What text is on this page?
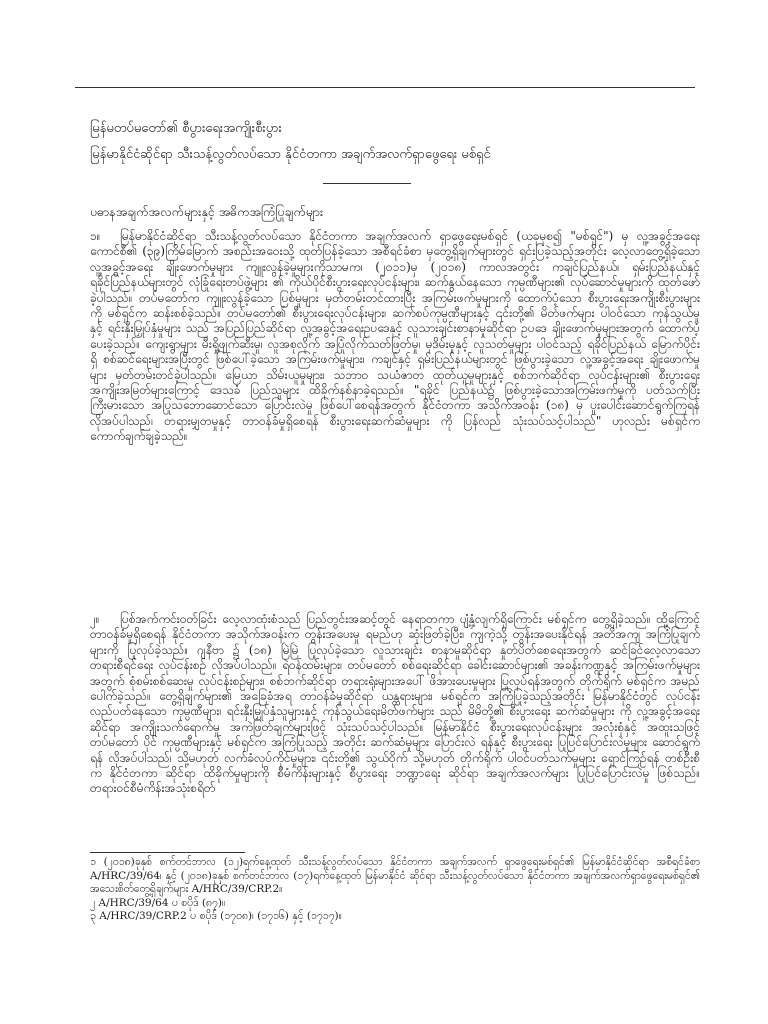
မြန်မတပ်မတော်၏ စီပွားရေးအကျိုးစီးပွား
မြန်မာနိုင်ငံဆိုင်ရာ သီးသန့်လွတ်လပ်သော နိုင်ငံတကာ အချက်အလက်ရှာဖွေရေး မစ်ရှင်
ပဓာနအချက်အလက်များနှင့် အဓိကအကြံပြုချက်များ
၁။ မြန်မာနိုင်ငံဆိုင်ရာ သီးသန့်လွတ်လပ်သော နိုင်ငံတကာ အချက်အလက် ရှာဖွေရေးမစ်ရှင် (ယခုမှစ၍ "မစ်ရှင်") မှ လူ့အခွင့်အရေးကောင်စီ၏ (၃၉)ကြိမ်မြောက် အစည်းအဝေးသို့ ထုတ်ပြန်ခဲ့သော အစီရင်ခံစာ မှတွေ့ရှိချက်များတွင် ရှင်းပြခဲ့သည့်အတိုင်း လေ့လာတွေ့ရှိခဲ့သော လူ့အခွင့်အရေး ချိုးဖောက်မှုများ ကျူးလွန်ခဲ့မှုများကိုသာမက၊ (၂၀၁၁)မှ (၂၀၁၈) ကာလအတွင်း ကချင်ပြည်နယ်၊ ရှမ်းပြည်နယ်နှင့် ရခိုင်ပြည်နယ်များတွင် လုံခြုံရေးတပ်ဖွဲ့များ ၏ ကိုယ်ပိုင်စီးပွားရေးလုပ်ငန်းများ၊ ဆက်နွယ်နေသော ကုမ္ပဏီများ၏ လုပ်ဆောင်မှုများကို ထုတ်ဖော်ခဲ့ပါသည်။ တပ်မတော်က ကျူးလွန်ခဲ့သော ပြစ်မှုများ မှတ်တမ်းတင်ထားပြီး အကြမ်းဖက်မှုများကို ထောက်ပံ့သော စီးပွားရေးအကျိုးစီးပွားများ ကို မစ်ရှင်က ဆန်းစစ်ခဲ့သည်။ တပ်မတော်၏ စီးပွားရေးလုပ်ငန်းများ၊ ဆက်စပ်ကုမ္ပဏီများနှင့် ၎င်းတို့၏ မိတ်ဖက်များ ပါဝင်သော ကုန်သွယ်မှုနှင့် ရင်းနှီးမြှုပ်နှံမှုများ သည် အပြည်ပြည်ဆိုင်ရာ လူ့အခွင့်အရေးဥပဒေနှင့် လူသားချင်းစာနာမှုဆိုင်ရာ ဥပဒေ ချိုးဖောက်မှုများအတွက် ထောက်ပံ့ပေးခဲ့သည်။ ကျေးရွာများ မီးရှို့ဖျက်ဆီးမှု၊ လူအစုလိုက် အပြုံလိုက်သတ်ဖြတ်မှု၊ မုဒိမ်းမှုနှင့် လူသတ်မှုများ ပါဝင်သည့် ရခိုင်ပြည်နယ် မြောက်ပိုင်းရှိ စစ်ဆင်ရေးများအပြီးတွင် ဖြစ်ပေါ်ခဲ့သော အကြမ်းဖက်မှုများ၊ ကချင်နှင့် ရှမ်းပြည်နယ်များတွင် ဖြစ်ပွားခဲ့သော လူ့အခွင့်အရေး ချိုးဖောက်မှုများ မှတ်တမ်းတင်ခဲ့ပါသည်။ မြေယာ သိမ်းယူမှုများ၊ သဘာဝ သယံဇာတ ထုတ်ယူမှုများနှင့် စစ်ဘက်ဆိုင်ရာ လုပ်ငန်းများ၏ စီးပွားရေး အကျိုးအမြတ်များကြောင့် ဒေသခံ ပြည်သူများ ထိခိုက်နစ်နာခဲ့ရသည်။ "ရခိုင် ပြည်နယ်၌ ဖြစ်ပွားခဲ့သောအကြမ်းဖက်မှုကို ပတ်သက်ပြီး ကြီးမားသော အပြုသဘောဆောင်သော ပြောင်းလဲမှု ဖြစ်ပေါ်စေရန်အတွက် နိုင်ငံတကာ အသိုက်အဝန်း (၁၈) မှ ပူးပေါင်းဆောင်ရွက်ကြရန် လိုအပ်ပါသည်၊ တရားမျှတမှုနှင့် တာဝန်ခံမှုရှိစေရန် စီးပွားရေးဆက်ဆံမှုများ ကို ပြန်လည် သုံးသပ်သင့်ပါသည်" ဟုလည်း မစ်ရှင်က ကောက်ချက်ချခဲ့သည်။
၂။ ပြစ်အက်ကင်းဝတ်ခြင်း လေ့လာထုံးစံသည် ပြည်တွင်းအဆင့်တွင် နေရာတကာ ပျံ့နှံ့လျက်ရှိကြောင်း မစ်ရှင်က တွေ့ရှိခဲ့သည်။ ထို့ကြောင့် တာဝန်ခံမှုရှိစေရန် နိုင်ငံတကာ အသိုက်အဝန်းက တွန်းအပေးမှု ရမည်ဟု ဆုံးဖြတ်ခဲ့ပြီး၊ ကျကဲ့သို့ တွန်းအပေးနိုင်ရန် အတိအကျ အကြံပြုချက်များကို ပြုလုပ်ခဲ့သည်။ ဂျနီဗာ ၌ (၁၈) မြဲမြဲ ပြုလုပ်ခဲ့သော လူသားချင်း စာနာမှုဆိုင်ရာ နှုတ်ပိတ်စေရေးအတွက် ဆင်ခြင်လေ့လာသော တရားစီရင်ရေး လုပ်ငန်းစဉ် လိုအပ်ပါသည်။ ရဲဝန်ထမ်းများ၊ တပ်မတော် စစ်ရေးဆိုင်ရာ ခေါင်းဆောင်များ၏ အခန်းကဏ္ဍနှင့် အကြမ်းဖက်မှုများအတွက် စုံစမ်းစစ်ဆေးမှု လုပ်ငန်းစဉ်များ၊ စစ်ဘက်ဆိုင်ရာ တရားရုံးများအပေါ် ဖိအားပေးမှုများ ပြုလုပ်ရန်အတွက် တိုက်ရိုက် မစ်ရှင်က အမည်ပေါက်ခဲ့သည်။ တွေ့ရှိချက်များ၏ အခြေခံအရ တာဝန်ခံမှုဆိုင်ရာ ယန္တရားများ၊ မစ်ရှင်က အကြံပြုခဲ့သည့်အတိုင်း မြန်မာနိုင်ငံတွင် လုပ်ငန်းလည်ပတ်နေသော ကုမ္ပဏီများ၊ ရင်းနှီးမြှုပ်နှံသူများနှင့် ကုန်သွယ်ရေးမိတ်ဖက်များ သည် မိမိတို့၏ စီးပွားရေး ဆက်ဆံမှုများ ကို လူ့အခွင့်အရေးဆိုင်ရာ အကျိုးသက်ရောက်မှု အကဲဖြတ်ချက်များဖြင့် သုံးသပ်သင့်ပါသည်။ မြန်မာနိုင်ငံ စီးပွားရေးလုပ်ငန်းများ အလုံးစုံနှင့် အထူးသဖြင့် တပ်မတော် ပိုင် ကုမ္ပဏီများနှင့် မစ်ရှင်က အကြံပြုသည့် အတိုင်း ဆက်ဆံမှုများ ပြောင်းလဲ ရန်နှင့် စီးပွားရေး ပြုပြင်ပြောင်းလဲမှုများ ဆောင်ရွက်ရန် လိုအပ်ပါသည်၊ သို့မဟုတ် လက်ခံလုပ်ကိုင်မှုများ၊ ၎င်းတို့၏ သွယ်ဝိုက် သို့မဟုတ် တိုက်ရိုက် ပါဝင်ပတ်သက်မှုများ ရှောင်ကြဉ်ရန် တစ်ဦးစီက နိုင်ငံတကာ ဆိုင်ရာ ထိခိုက်မှုများကို စီမံကိန်းများနှင့် စီပွားရေး ဘဏ္ဍာရေး ဆိုင်ရာ အချက်အလက်များ ပြုပြင်ပြောင်းလဲမှု ဖြစ်သည်။ တရားဝင်စီမံကိန်းအသုံးစရိတ်

၁ (၂၀၁၈)ခုနှစ် စက်တင်ဘာလ (၁၂)ရက်နေ့ထုတ် သီးသန့်လွတ်လပ်သော နိုင်ငံတကာ အချက်အလက် ရှာဖွေရေးမစ်ရှင်၏ မြန်မာနိုင်ငံဆိုင်ရာ အစီရင်ခံစာ A/HRC/39/64၊ နှင့် (၂၀၁၈)ခုနှစ် စက်တင်ဘာလ (၁၇)ရက်နေ့ထုတ် မြန်မာနိုင်ငံ ဆိုင်ရာ သီးသန့်လွတ်လပ်သော နိုင်ငံတကာ အချက်အလက်ရှာဖွေရေးမစ်ရှင်၏ အသေးစိတ်တွေ့ရှိချက်များ A/HRC/39/CRP.2။

၂ A/HRC/39/64 ပ စပိုဒ် (၈၇)။

၃ A/HRC/39/CRP.2 ပ စပိုဒ် (၁၇၀၈)၊ (၁၇၁၆) နှင့် (၁၇၁၇)။
